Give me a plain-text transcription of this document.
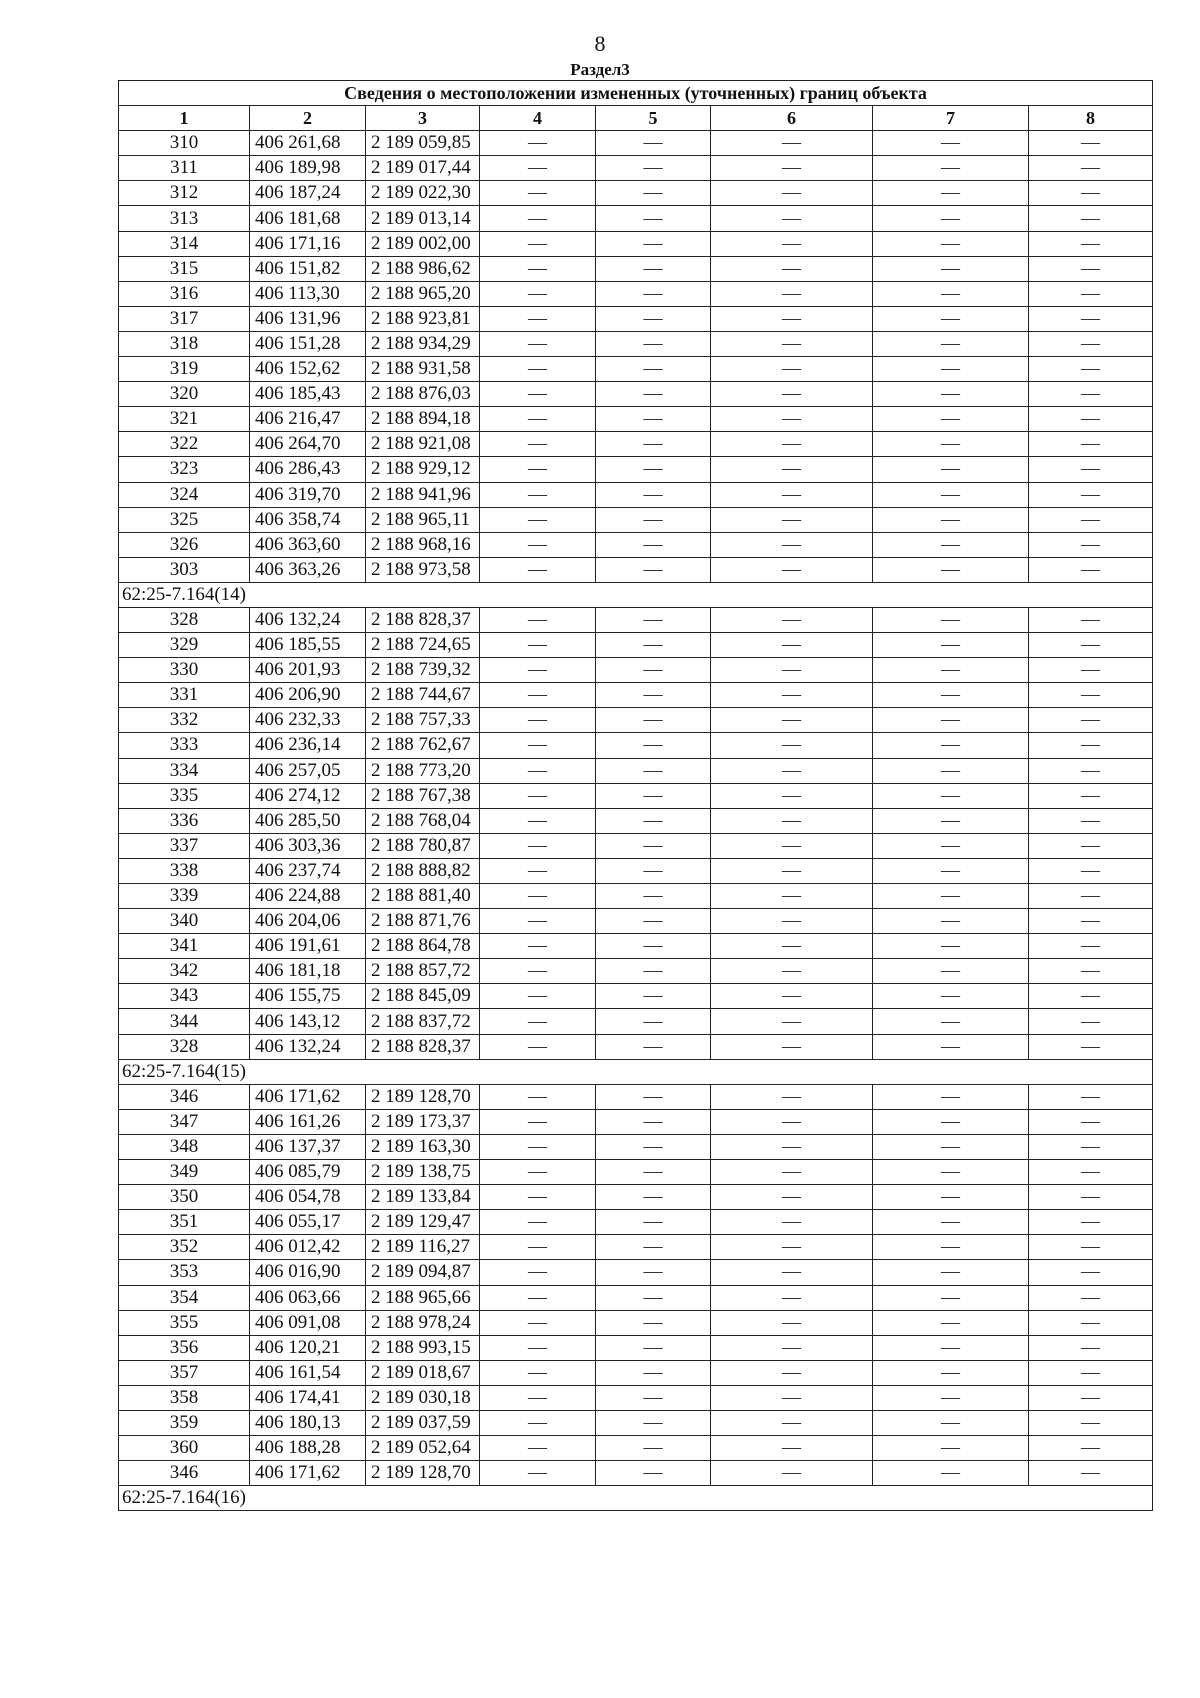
8
Раздел3
Сведения о местоположении измененных (уточненных) границ объекта							
1	2	3	4	5	6	7	8
310	406 261,68	2 189 059,85	—	—	—	—	—
311	406 189,98	2 189 017,44	—	—	—	—	—
312	406 187,24	2 189 022,30	—	—	—	—	—
313	406 181,68	2 189 013,14	—	—	—	—	—
314	406 171,16	2 189 002,00	—	—	—	—	—
315	406 151,82	2 188 986,62	—	—	—	—	—
316	406 113,30	2 188 965,20	—	—	—	—	—
317	406 131,96	2 188 923,81	—	—	—	—	—
318	406 151,28	2 188 934,29	—	—	—	—	—
319	406 152,62	2 188 931,58	—	—	—	—	—
320	406 185,43	2 188 876,03	—	—	—	—	—
321	406 216,47	2 188 894,18	—	—	—	—	—
322	406 264,70	2 188 921,08	—	—	—	—	—
323	406 286,43	2 188 929,12	—	—	—	—	—
324	406 319,70	2 188 941,96	—	—	—	—	—
325	406 358,74	2 188 965,11	—	—	—	—	—
326	406 363,60	2 188 968,16	—	—	—	—	—
303	406 363,26	2 188 973,58	—	—	—	—	—
62:25-7.164(14)							
328	406 132,24	2 188 828,37	—	—	—	—	—
329	406 185,55	2 188 724,65	—	—	—	—	—
330	406 201,93	2 188 739,32	—	—	—	—	—
331	406 206,90	2 188 744,67	—	—	—	—	—
332	406 232,33	2 188 757,33	—	—	—	—	—
333	406 236,14	2 188 762,67	—	—	—	—	—
334	406 257,05	2 188 773,20	—	—	—	—	—
335	406 274,12	2 188 767,38	—	—	—	—	—
336	406 285,50	2 188 768,04	—	—	—	—	—
337	406 303,36	2 188 780,87	—	—	—	—	—
338	406 237,74	2 188 888,82	—	—	—	—	—
339	406 224,88	2 188 881,40	—	—	—	—	—
340	406 204,06	2 188 871,76	—	—	—	—	—
341	406 191,61	2 188 864,78	—	—	—	—	—
342	406 181,18	2 188 857,72	—	—	—	—	—
343	406 155,75	2 188 845,09	—	—	—	—	—
344	406 143,12	2 188 837,72	—	—	—	—	—
328	406 132,24	2 188 828,37	—	—	—	—	—
62:25-7.164(15)							
346	406 171,62	2 189 128,70	—	—	—	—	—
347	406 161,26	2 189 173,37	—	—	—	—	—
348	406 137,37	2 189 163,30	—	—	—	—	—
349	406 085,79	2 189 138,75	—	—	—	—	—
350	406 054,78	2 189 133,84	—	—	—	—	—
351	406 055,17	2 189 129,47	—	—	—	—	—
352	406 012,42	2 189 116,27	—	—	—	—	—
353	406 016,90	2 189 094,87	—	—	—	—	—
354	406 063,66	2 188 965,66	—	—	—	—	—
355	406 091,08	2 188 978,24	—	—	—	—	—
356	406 120,21	2 188 993,15	—	—	—	—	—
357	406 161,54	2 189 018,67	—	—	—	—	—
358	406 174,41	2 189 030,18	—	—	—	—	—
359	406 180,13	2 189 037,59	—	—	—	—	—
360	406 188,28	2 189 052,64	—	—	—	—	—
346	406 171,62	2 189 128,70	—	—	—	—	—
62:25-7.164(16)							
